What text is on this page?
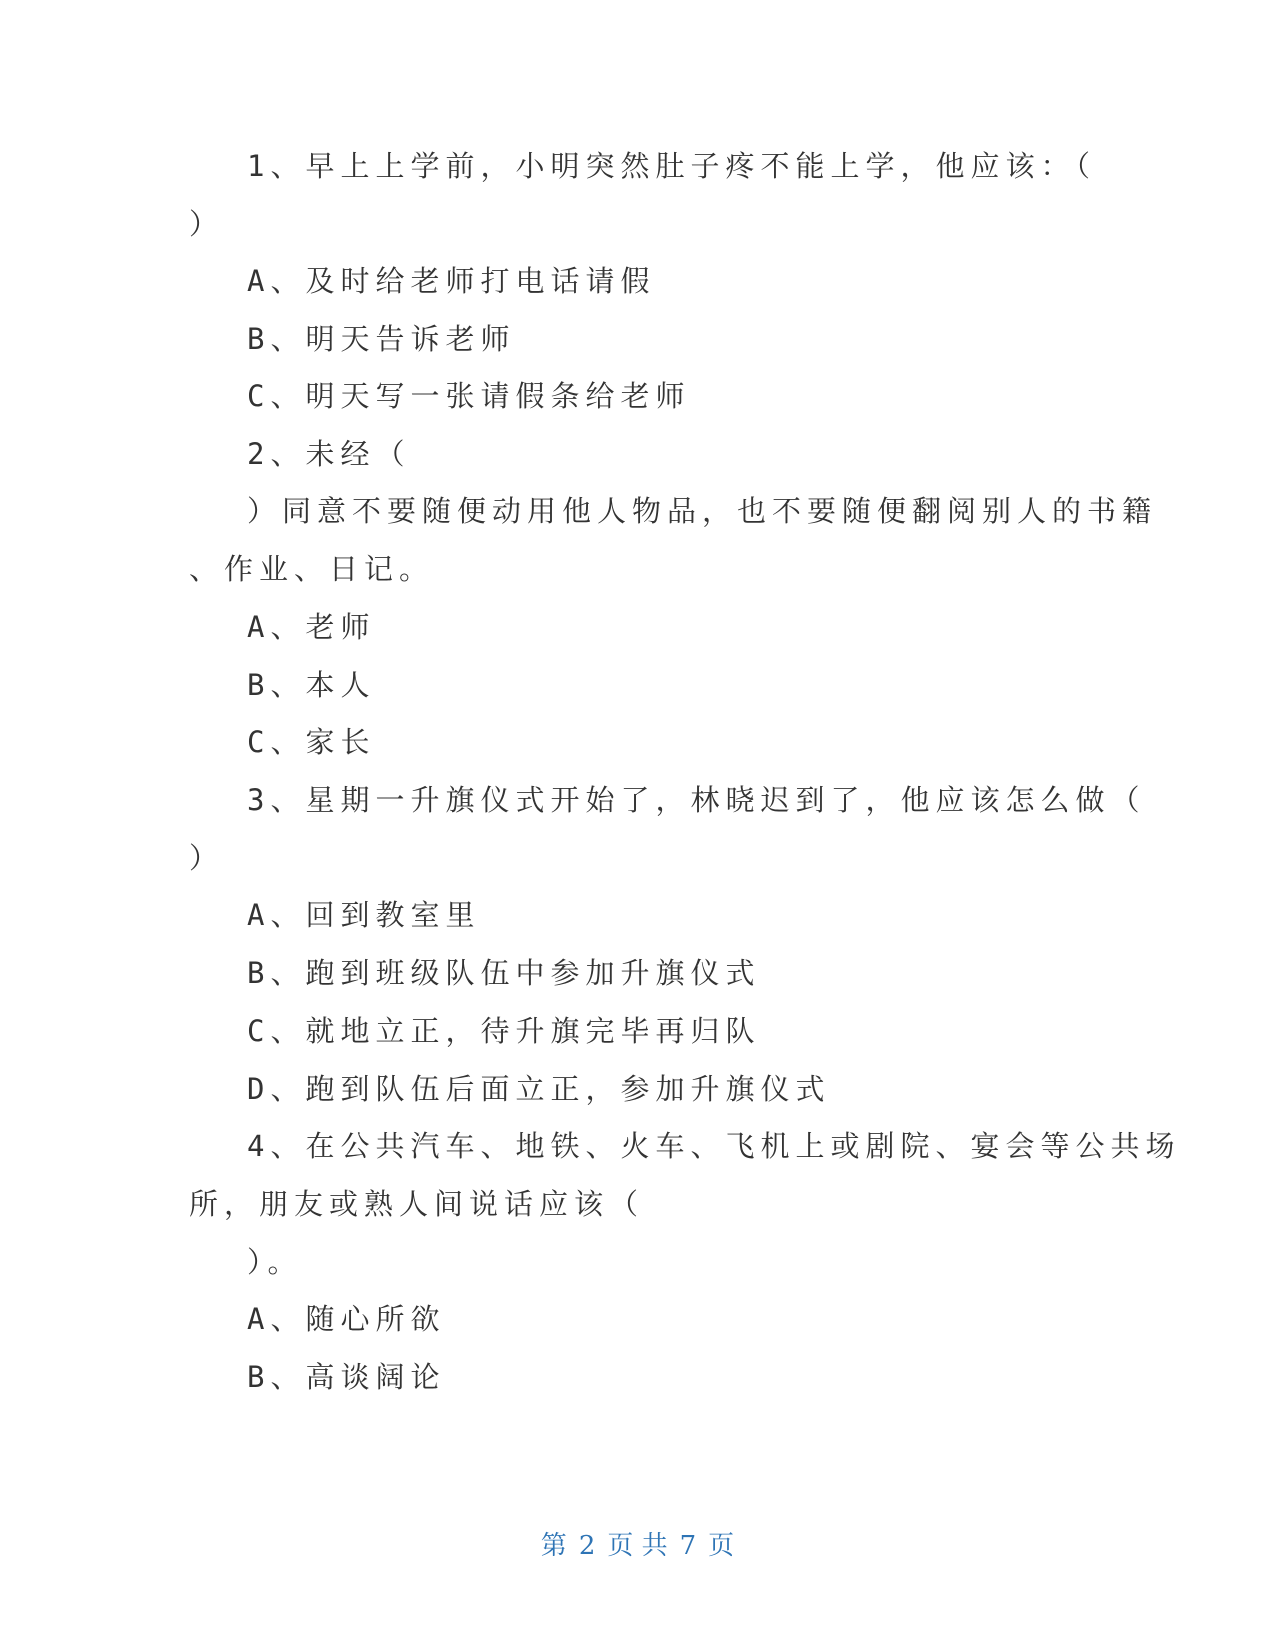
1、早上上学前，小明突然肚子疼不能上学，他应该：（
）
A、及时给老师打电话请假
B、明天告诉老师
C、明天写一张请假条给老师
2、未经（
）同意不要随便动用他人物品，也不要随便翻阅别人的书籍
、作业、日记。
A、老师
B、本人
C、家长
3、星期一升旗仪式开始了，林晓迟到了，他应该怎么做（
）
A、回到教室里
B、跑到班级队伍中参加升旗仪式
C、就地立正，待升旗完毕再归队
D、跑到队伍后面立正，参加升旗仪式
4、在公共汽车、地铁、火车、飞机上或剧院、宴会等公共场
所，朋友或熟人间说话应该（
）。
A、随心所欲
B、高谈阔论
第 2 页 共 7 页
